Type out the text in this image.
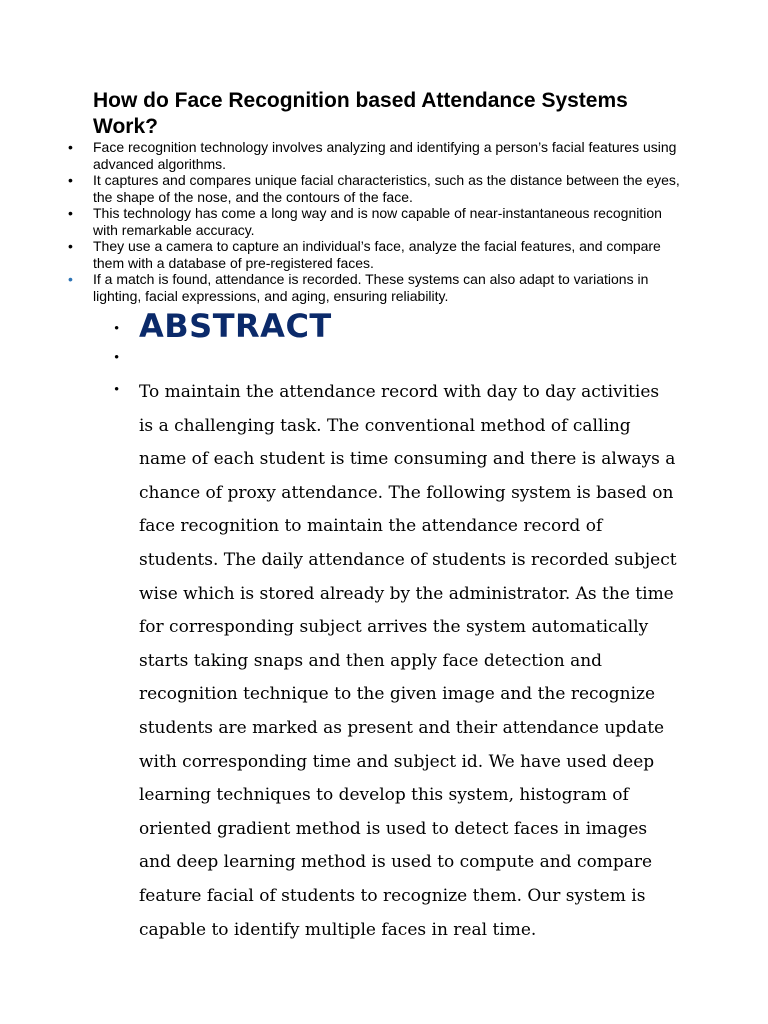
How do Face Recognition based Attendance Systems Work?
• Face recognition technology involves analyzing and identifying a person’s facial features using advanced algorithms.
• It captures and compares unique facial characteristics, such as the distance between the eyes, the shape of the nose, and the contours of the face.
• This technology has come a long way and is now capable of near-instantaneous recognition with remarkable accuracy.
• They use a camera to capture an individual’s face, analyze the facial features, and compare them with a database of pre-registered faces.
• If a match is found, attendance is recorded. These systems can also adapt to variations in lighting, facial expressions, and aging, ensuring reliability.
• ABSTRACT
•
• To maintain the attendance record with day to day activities is a challenging task. The conventional method of calling name of each student is time consuming and there is always a chance of proxy attendance. The following system is based on face recognition to maintain the attendance record of students. The daily attendance of students is recorded subject wise which is stored already by the administrator. As the time for corresponding subject arrives the system automatically starts taking snaps and then apply face detection and recognition technique to the given image and the recognize students are marked as present and their attendance update with corresponding time and subject id. We have used deep learning techniques to develop this system, histogram of oriented gradient method is used to detect faces in images and deep learning method is used to compute and compare feature facial of students to recognize them. Our system is capable to identify multiple faces in real time.
